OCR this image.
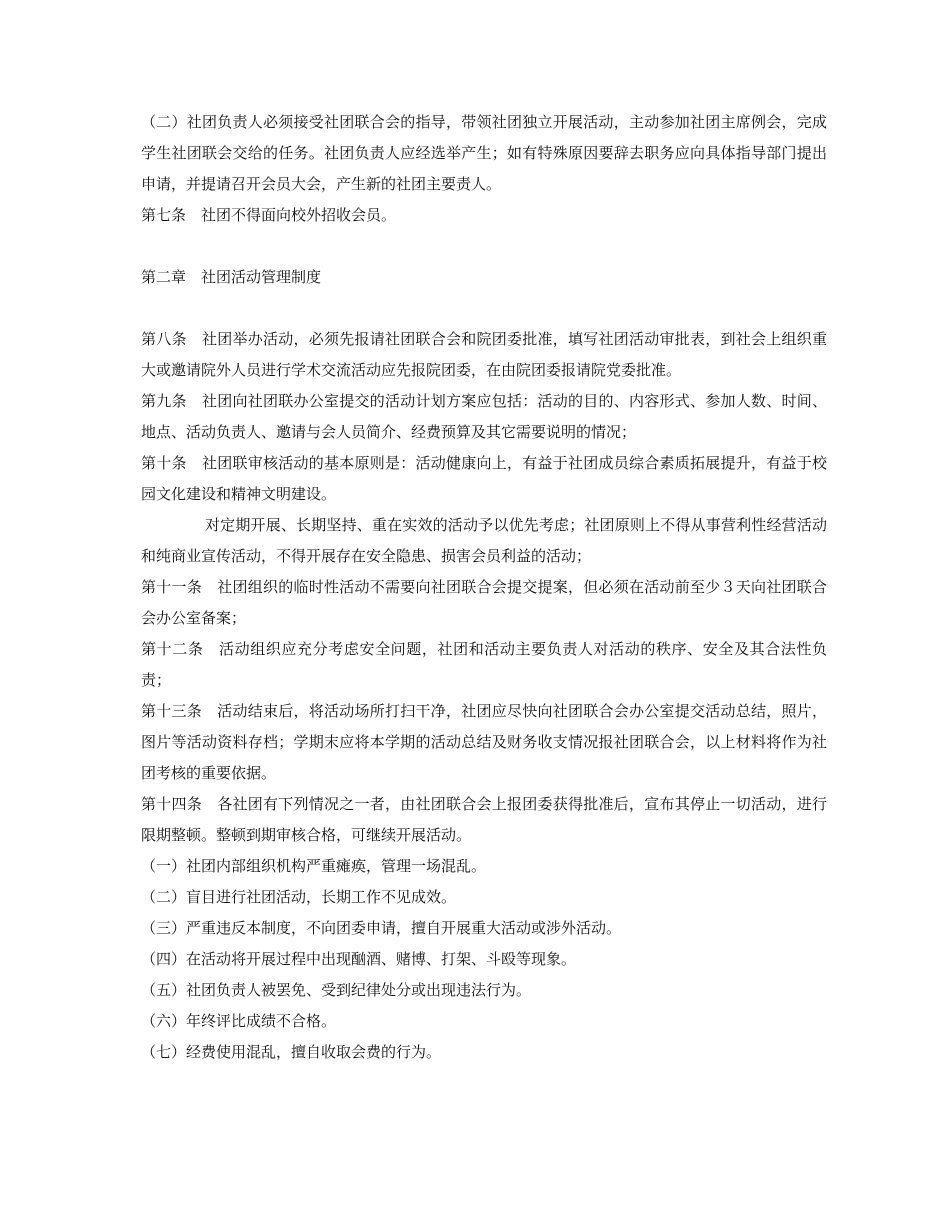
（二）社团负责人必须接受社团联合会的指导，带领社团独立开展活动，主动参加社团主席例会，完成学生社团联会交给的任务。社团负责人应经选举产生；如有特殊原因要辞去职务应向具体指导部门提出申请，并提请召开会员大会，产生新的社团主要责人。

第七条　社团不得面向校外招收会员。

第二章　社团活动管理制度

第八条　社团举办活动，必须先报请社团联合会和院团委批准，填写社团活动审批表，到社会上组织重大或邀请院外人员进行学术交流活动应先报院团委，在由院团委报请院党委批准。

第九条　社团向社团联办公室提交的活动计划方案应包括：活动的目的、内容形式、参加人数、时间、地点、活动负责人、邀请与会人员简介、经费预算及其它需要说明的情况；

第十条　社团联审核活动的基本原则是：活动健康向上，有益于社团成员综合素质拓展提升，有益于校园文化建设和精神文明建设。

对定期开展、长期坚持、重在实效的活动予以优先考虑；社团原则上不得从事营利性经营活动和纯商业宣传活动，不得开展存在安全隐患、损害会员利益的活动；

第十一条　社团组织的临时性活动不需要向社团联合会提交提案，但必须在活动前至少３天向社团联合会办公室备案；

第十二条　活动组织应充分考虑安全问题，社团和活动主要负责人对活动的秩序、安全及其合法性负责；

第十三条　活动结束后，将活动场所打扫干净，社团应尽快向社团联合会办公室提交活动总结，照片，图片等活动资料存档；学期末应将本学期的活动总结及财务收支情况报社团联合会，以上材料将作为社团考核的重要依据。

第十四条　各社团有下列情况之一者，由社团联合会上报团委获得批准后，宣布其停止一切活动，进行限期整顿。整顿到期审核合格，可继续开展活动。

（一）社团内部组织机构严重瘫痪，管理一场混乱。

（二）盲目进行社团活动，长期工作不见成效。

（三）严重违反本制度，不向团委申请，擅自开展重大活动或涉外活动。

（四）在活动将开展过程中出现酗酒、赌博、打架、斗殴等现象。

（五）社团负责人被罢免、受到纪律处分或出现违法行为。

（六）年终评比成绩不合格。

（七）经费使用混乱，擅自收取会费的行为。
